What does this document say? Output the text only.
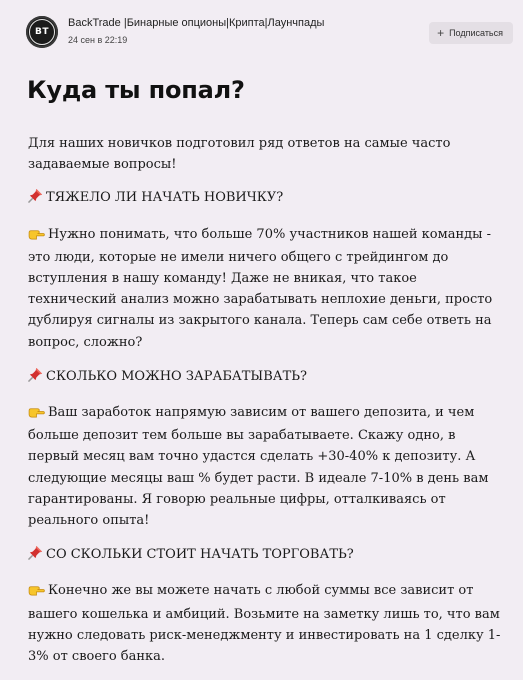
BT
BackTrade |Бинарные опционы|Крипта|Лаунчпады
24 сен в 22:19	+ Подписаться
Куда ты попал?

Для наших новичков подготовил ряд ответов на самые часто задаваемые вопросы!

ТЯЖЕЛО ЛИ НАЧАТЬ НОВИЧКУ?

Нужно понимать, что больше 70% участников нашей команды - это люди, которые не имели ничего общего с трейдингом до вступления в нашу команду! Даже не вникая, что такое технический анализ можно зарабатывать неплохие деньги, просто дублируя сигналы из закрытого канала. Теперь сам себе ответь на вопрос, сложно?

СКОЛЬКО МОЖНО ЗАРАБАТЫВАТЬ?

Ваш заработок напрямую зависим от вашего депозита, и чем больше депозит тем больше вы зарабатываете. Скажу одно, в первый месяц вам точно удастся сделать +30-40% к депозиту. А следующие месяцы ваш % будет расти. В идеале 7-10% в день вам гарантированы. Я говорю реальные цифры, отталкиваясь от реального опыта!

СО СКОЛЬКИ СТОИТ НАЧАТЬ ТОРГОВАТЬ?

Конечно же вы можете начать с любой суммы все зависит от вашего кошелька и амбиций. Возьмите на заметку лишь то, что вам нужно следовать риск-менеджменту и инвестировать на 1 сделку 1-3% от своего банка.
